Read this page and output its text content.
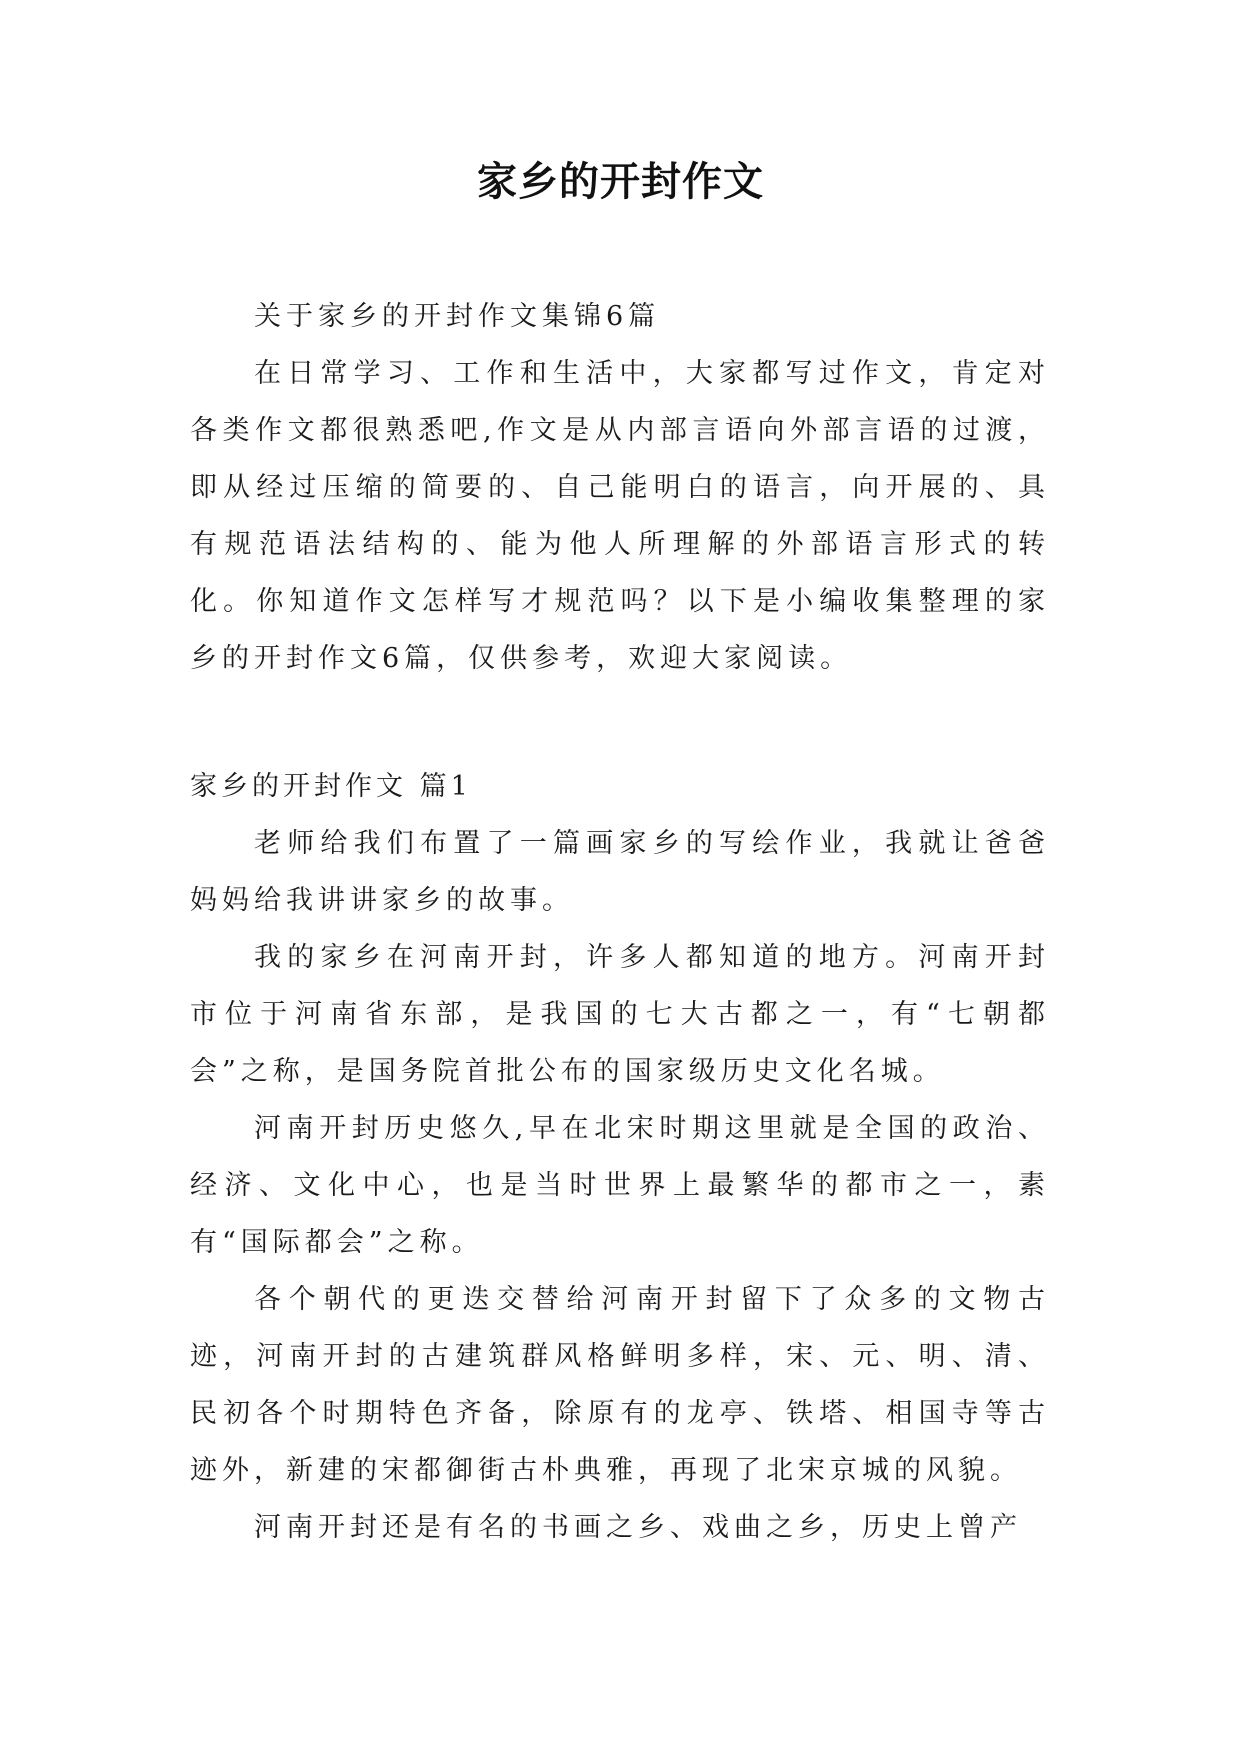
家乡的开封作文

关于家乡的开封作文集锦6篇

在日常学习、工作和生活中，大家都写过作文，肯定对各类作文都很熟悉吧,作文是从内部言语向外部言语的过渡，即从经过压缩的简要的、自己能明白的语言，向开展的、具有规范语法结构的、能为他人所理解的外部语言形式的转化。你知道作文怎样写才规范吗？以下是小编收集整理的家乡的开封作文6篇，仅供参考，欢迎大家阅读。

家乡的开封作文 篇1

老师给我们布置了一篇画家乡的写绘作业，我就让爸爸妈妈给我讲讲家乡的故事。

我的家乡在河南开封，许多人都知道的地方。河南开封市位于河南省东部，是我国的七大古都之一，有“七朝都会”之称，是国务院首批公布的国家级历史文化名城。

河南开封历史悠久,早在北宋时期这里就是全国的政治、经济、文化中心，也是当时世界上最繁华的都市之一，素有“国际都会”之称。

各个朝代的更迭交替给河南开封留下了众多的文物古迹，河南开封的古建筑群风格鲜明多样，宋、元、明、清、民初各个时期特色齐备，除原有的龙亭、铁塔、相国寺等古迹外，新建的宋都御街古朴典雅，再现了北宋京城的风貌。

河南开封还是有名的书画之乡、戏曲之乡，历史上曾产
